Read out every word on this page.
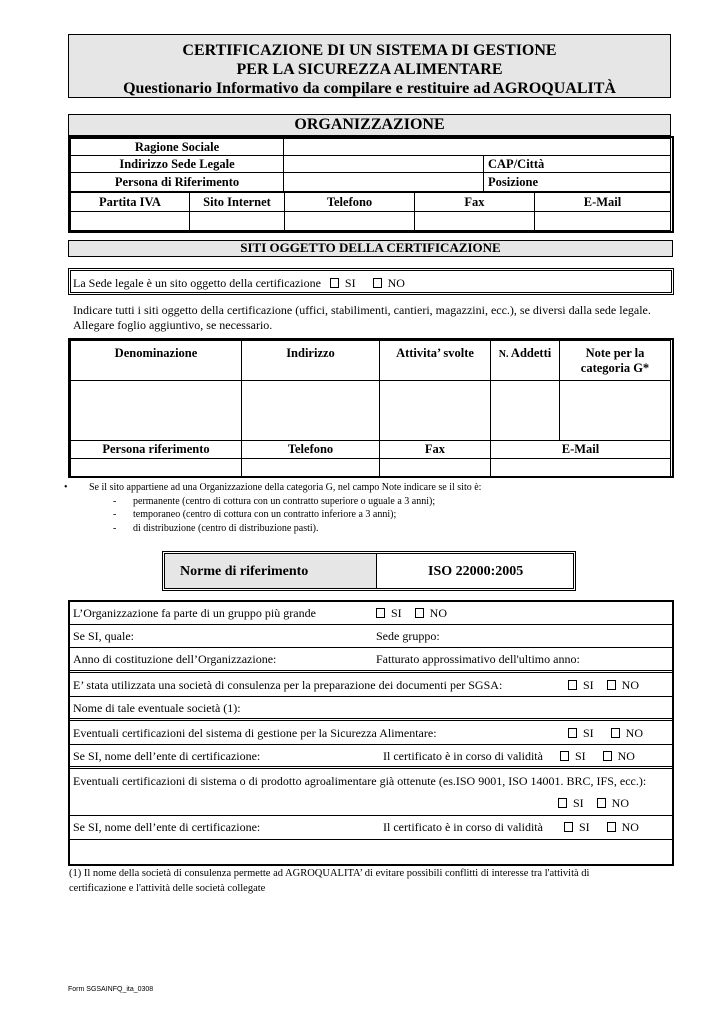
CERTIFICAZIONE DI UN SISTEMA DI GESTIONE
PER LA SICUREZZA ALIMENTARE
Questionario Informativo da compilare e restituire ad AGROQUALITÀ
ORGANIZZAZIONE
Ragione Sociale		
Indirizzo Sede Legale		CAP/Città
Persona di Riferimento		Posizione
Partita IVA	Sito Internet	Telefono	Fax	E-Mail

SITI OGGETTO DELLA CERTIFICAZIONE
La Sede legale è un sito oggetto della certificazione SI	NO
Indicare tutti i siti oggetto della certificazione (uffici, stabilimenti, cantieri, magazzini, ecc.), se diversi dalla sede legale.
Allegare foglio aggiuntivo, se necessario.
Denominazione	Indirizzo	Attivita’ svolte	N. Addetti	Note per la
categoria G*

Persona riferimento	Telefono	Fax	E-Mail

• Se il sito appartiene ad una Organizzazione della categoria G, nel campo Note indicare se il sito è:
- permanente (centro di cottura con un contratto superiore o uguale a 3 anni);
- temporaneo (centro di cottura con un contratto inferiore a 3 anni);
- di distribuzione (centro di distribuzione pasti).
Norme di riferimento	ISO 22000:2005
L’Organizzazione fa parte di un gruppo più grande	SI NO
Se SI, quale:	Sede gruppo:
Anno di costituzione dell’Organizzazione:	Fatturato approssimativo dell'ultimo anno:
E’ stata utilizzata una società di consulenza per la preparazione dei documenti per SGSA:	SI NO
Nome di tale eventuale società (1):
Eventuali certificazioni del sistema di gestione per la Sicurezza Alimentare:	SI	NO
Se SI, nome dell’ente di certificazione:	Il certificato è in corso di validità	SI	NO
Eventuali certificazioni di sistema o di prodotto agroalimentare già ottenute (es.ISO 9001, ISO 14001. BRC, IFS, ecc.):
SI NO
Se SI, nome dell’ente di certificazione:	Il certificato è in corso di validità	SI	NO
(1) Il nome della società di consulenza permette ad AGROQUALITA’ di evitare possibili conflitti di interesse tra l'attività di
certificazione e l'attività delle società collegate
Form SGSAINFQ_ita_0308
